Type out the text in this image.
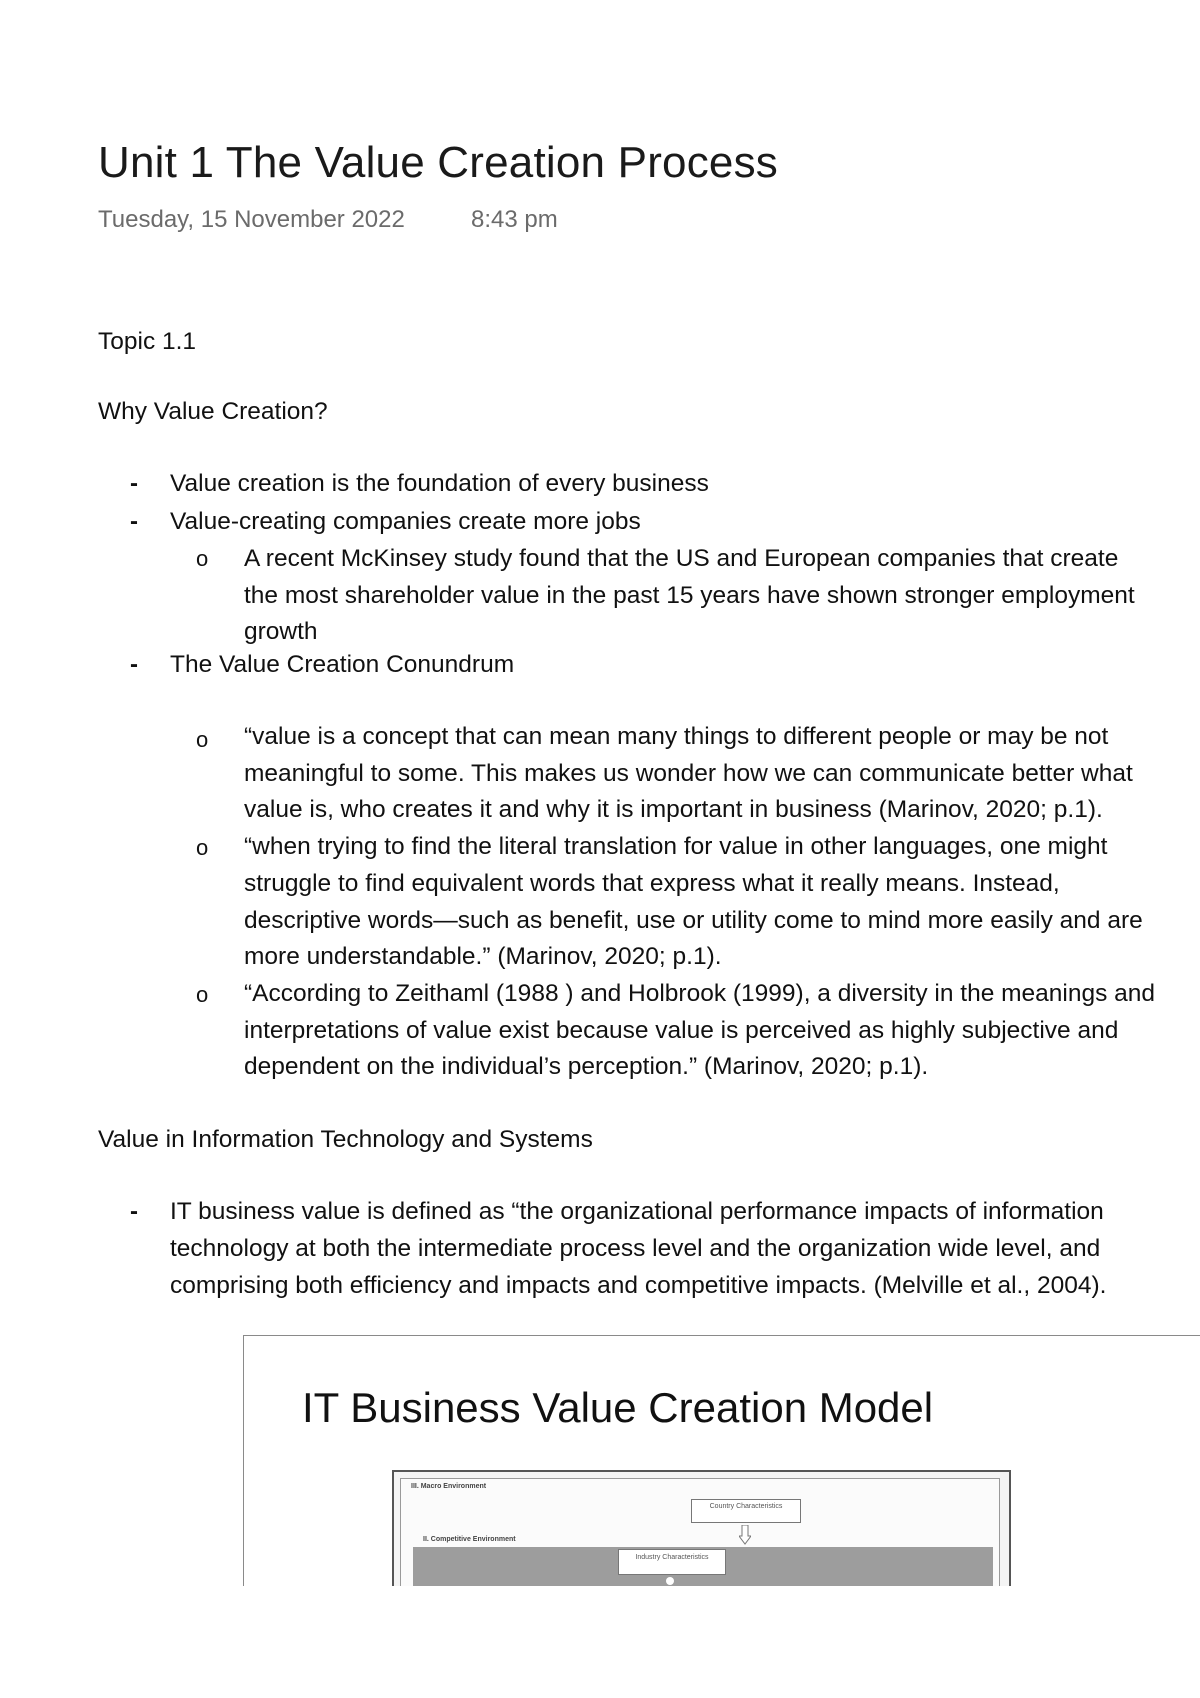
Unit 1 The Value Creation Process
Tuesday, 15 November 2022	8:43 pm
Topic 1.1
Why Value Creation?
- Value creation is the foundation of every business
- Value-creating companies create more jobs
o A recent McKinsey study found that the US and European companies that create
the most shareholder value in the past 15 years have shown stronger employment
growth
- The Value Creation Conundrum
o “value is a concept that can mean many things to different people or may be not
meaningful to some. This makes us wonder how we can communicate better what
value is, who creates it and why it is important in business (Marinov, 2020; p.1).
o “when trying to find the literal translation for value in other languages, one might
struggle to find equivalent words that express what it really means. Instead,
descriptive words—such as benefit, use or utility come to mind more easily and are
more understandable.” (Marinov, 2020; p.1).
o “According to Zeithaml (1988 ) and Holbrook (1999), a diversity in the meanings and
interpretations of value exist because value is perceived as highly subjective and
dependent on the individual’s perception.” (Marinov, 2020; p.1).
Value in Information Technology and Systems
- IT business value is defined as “the organizational performance impacts of information
technology at both the intermediate process level and the organization wide level, and
comprising both efficiency and impacts and competitive impacts. (Melville et al., 2004).
IT Business Value Creation Model
III. Macro Environment
Country Characteristics
II. Competitive Environment
Industry Characteristics
